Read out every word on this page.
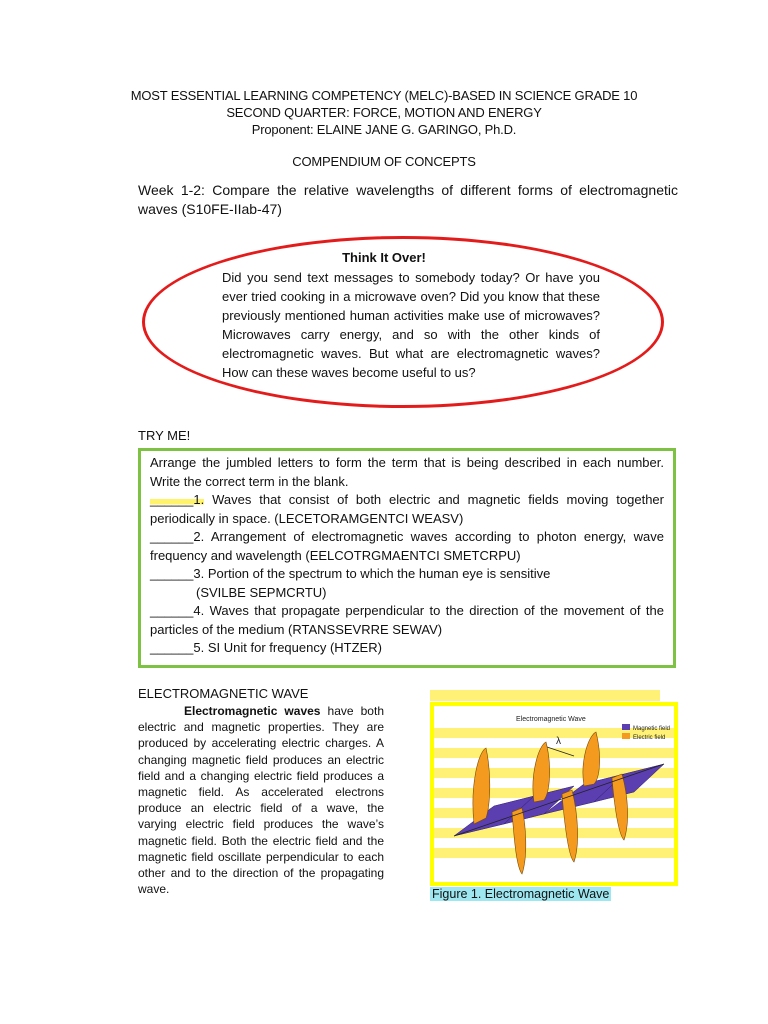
MOST ESSENTIAL LEARNING COMPETENCY (MELC)-BASED IN SCIENCE GRADE 10
SECOND QUARTER: FORCE, MOTION AND ENERGY
Proponent: ELAINE JANE G. GARINGO, Ph.D.
COMPENDIUM OF CONCEPTS
Week 1-2: Compare the relative wavelengths of different forms of electromagnetic waves (S10FE-IIab-47)
Think It Over!
Did you send text messages to somebody today? Or have you ever tried cooking in a microwave oven? Did you know that these previously mentioned human activities make use of microwaves? Microwaves carry energy, and so with the other kinds of electromagnetic waves. But what are electromagnetic waves? How can these waves become useful to us?
TRY ME!

Arrange the jumbled letters to form the term that is being described in each number. Write the correct term in the blank.

______1. Waves that consist of both electric and magnetic fields moving together periodically in space. (LECETORAMGENTCI WEASV)

______2. Arrangement of electromagnetic waves according to photon energy, wave frequency and wavelength (EELCOTRGMAENTCI SMETCRPU)

______3. Portion of the spectrum to which the human eye is sensitive

(SVILBE SEPMCRTU)

______4. Waves that propagate perpendicular to the direction of the movement of the particles of the medium (RTANSSEVRRE SEWAV)

______5. SI Unit for frequency (HTZER)

ELECTROMAGNETIC WAVE
Electromagnetic waves have both electric and magnetic properties. They are produced by accelerating electric charges. A changing magnetic field produces an electric field and a changing electric field produces a magnetic field. As accelerated electrons produce an electric field of a wave, the varying electric field produces the wave’s magnetic field. Both the electric field and the magnetic field oscillate perpendicular to each other and to the direction of the propagating wave.
Electromagnetic Wave
Magnetic field
Electric field
λ
Figure 1. Electromagnetic Wave
